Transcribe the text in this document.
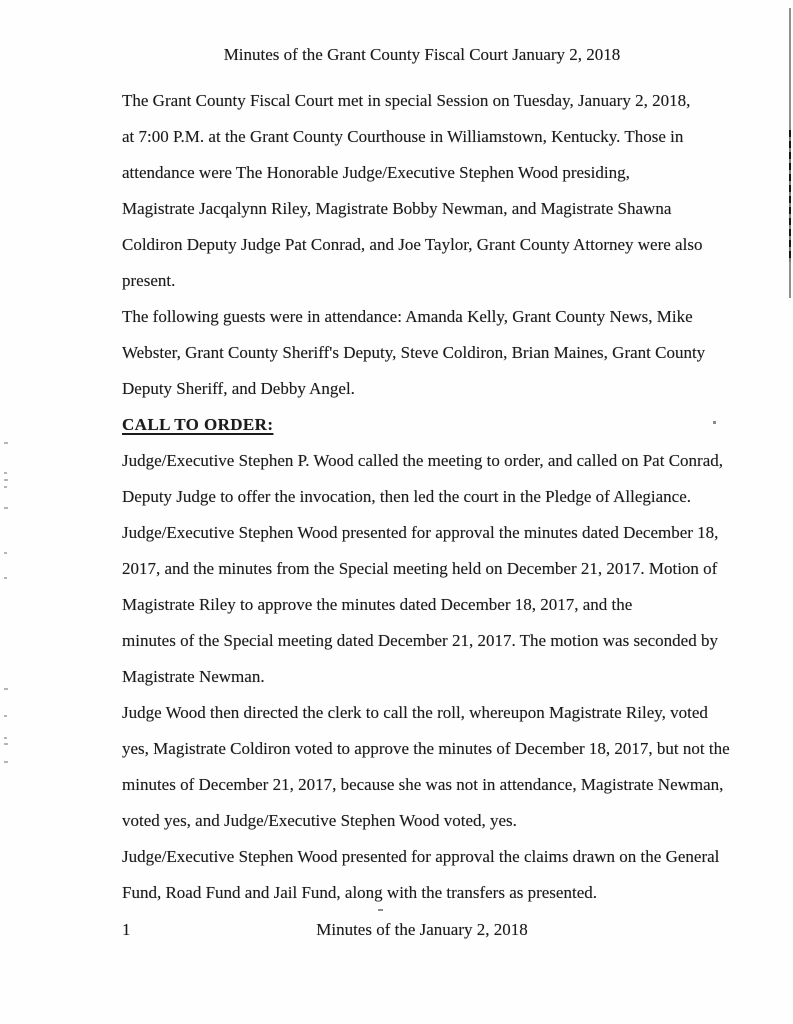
Minutes of the Grant County Fiscal Court January 2, 2018
The Grant County Fiscal Court met in special Session on Tuesday, January 2, 2018,
at 7:00 P.M. at the Grant County Courthouse in Williamstown, Kentucky. Those in
attendance were The Honorable Judge/Executive Stephen Wood presiding,
Magistrate Jacqalynn Riley, Magistrate Bobby Newman, and Magistrate Shawna
Coldiron Deputy Judge Pat Conrad, and Joe Taylor, Grant County Attorney were also
present.
The following guests were in attendance: Amanda Kelly, Grant County News, Mike
Webster, Grant County Sheriff's Deputy, Steve Coldiron, Brian Maines, Grant County
Deputy Sheriff, and Debby Angel.
CALL TO ORDER:
Judge/Executive Stephen P. Wood called the meeting to order, and called on Pat Conrad,
Deputy Judge to offer the invocation, then led the court in the Pledge of Allegiance.
Judge/Executive Stephen Wood presented for approval the minutes dated December 18,
2017, and the minutes from the Special meeting held on December 21, 2017. Motion of
Magistrate Riley to approve the minutes dated December 18, 2017, and the
minutes of the Special meeting dated December 21, 2017. The motion was seconded by
Magistrate Newman.
Judge Wood then directed the clerk to call the roll, whereupon Magistrate Riley, voted
yes, Magistrate Coldiron voted to approve the minutes of December 18, 2017, but not the
minutes of December 21, 2017, because she was not in attendance, Magistrate Newman,
voted yes, and Judge/Executive Stephen Wood voted, yes.
Judge/Executive Stephen Wood presented for approval the claims drawn on the General
Fund, Road Fund and Jail Fund, along with the transfers as presented.
1	Minutes of the January 2, 2018
